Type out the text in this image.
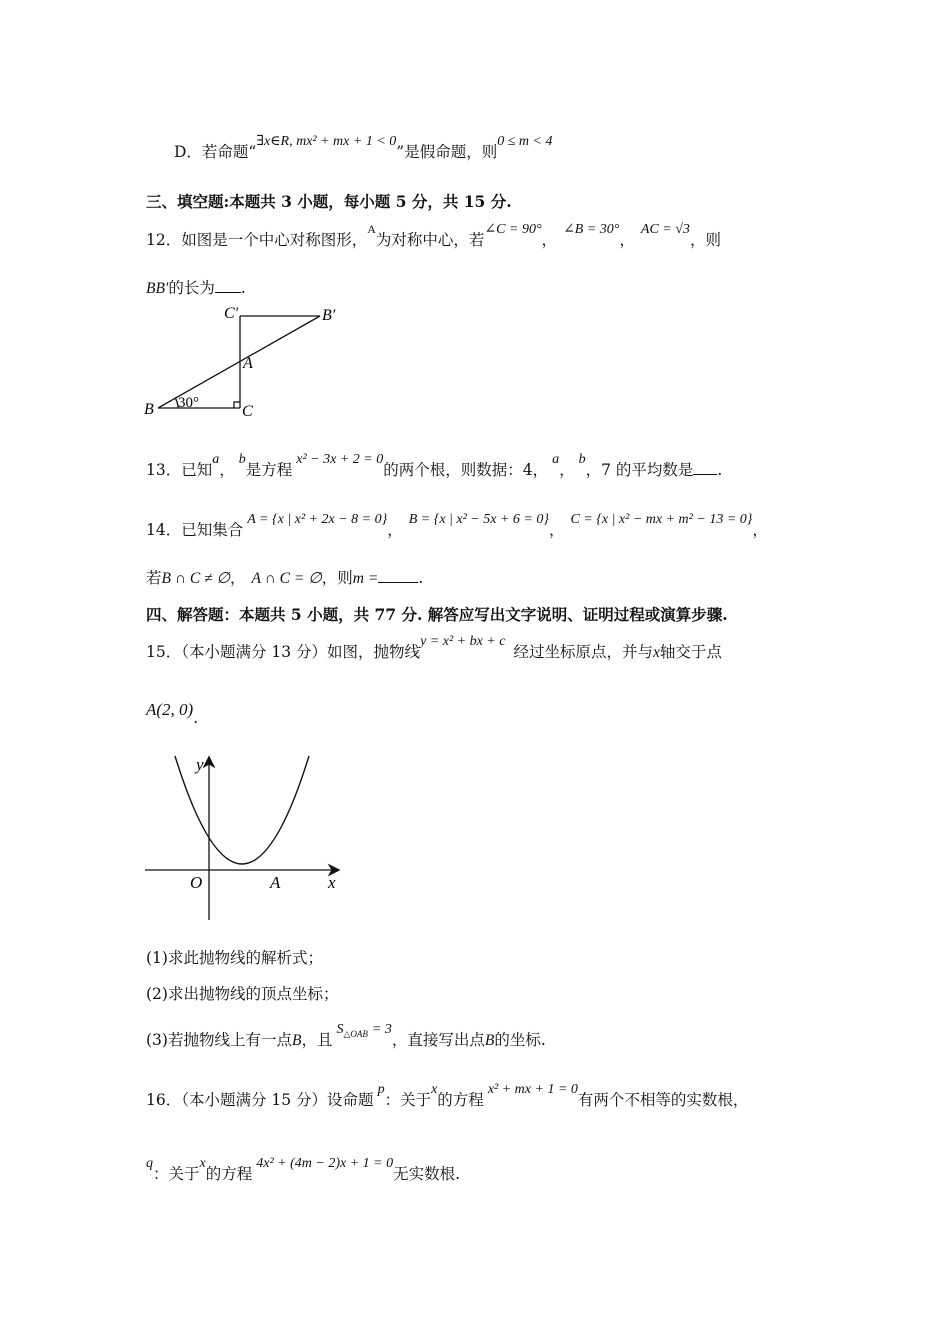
D．若命题“∃x∈R, mx² + mx + 1 < 0”是假命题，则0 ≤ m < 4
三、填空题:本题共 3 小题，每小题 5 分，共 15 分.
12．如图是一个中心对称图形，$^A$为对称中心，若∠C = 90°，∠B = 30°，AC = √3，则
BB′的长为 .
C′	B′
A
B	C
30°
13．已知a，b是方程x² − 3x + 2 = 0的两个根，则数据：4，a，b，7 的平均数是 .
14．已知集合A = {x | x² + 2x − 8 = 0}，B = {x | x² − 5x + 6 = 0}，C = {x | x² − mx + m² − 13 = 0}，
若B ∩ C ≠ ∅， A ∩ C = ∅，则m =	.
四、解答题：本题共 5 小题，共 77 分. 解答应写出文字说明、证明过程或演算步骤.
15．（本小题满分 13 分）如图，抛物线y = x² + bx + c经过坐标原点，并与x轴交于点
A(2, 0).
y
x
O	A
(1)求此抛物线的解析式；
(2)求出抛物线的顶点坐标；
(3)若抛物线上有一点B，且$S_{\triangle OAB} = 3$，直接写出点B的坐标.
16．（本小题满分 15 分）设命题p：关于x的方程x² + mx + 1 = 0有两个不相等的实数根，
q：关于x的方程4x² + (4m − 2)x + 1 = 0无实数根.
